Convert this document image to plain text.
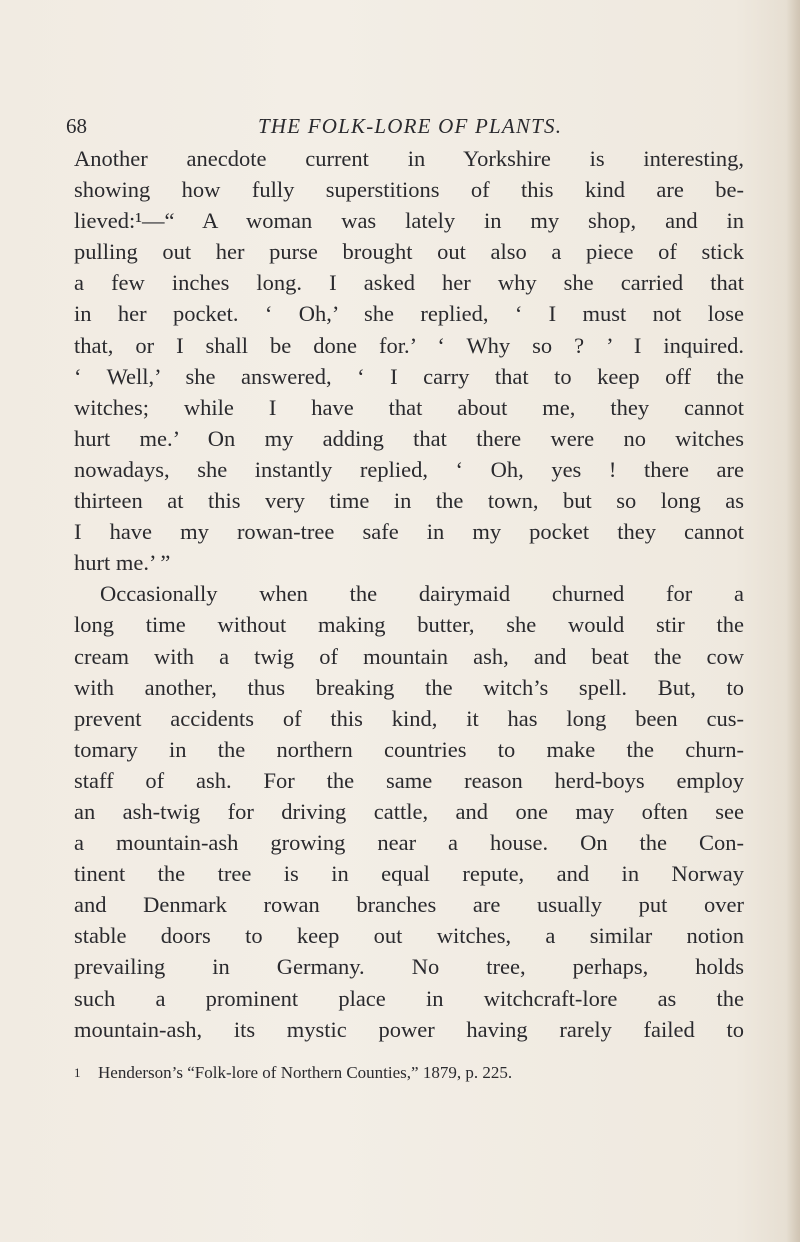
68	THE FOLK-LORE OF PLANTS.
Another anecdote current in Yorkshire is interesting,
showing how fully superstitions of this kind are be-
lieved:¹—“ A woman was lately in my shop, and in
pulling out her purse brought out also a piece of stick
a few inches long. I asked her why she carried that
in her pocket. ‘ Oh,’ she replied, ‘ I must not lose
that, or I shall be done for.’ ‘ Why so ? ’ I inquired.
‘ Well,’ she answered, ‘ I carry that to keep off the
witches; while I have that about me, they cannot
hurt me.’ On my adding that there were no witches
nowadays, she instantly replied, ‘ Oh, yes ! there are
thirteen at this very time in the town, but so long as
I have my rowan-tree safe in my pocket they cannot
hurt me.’ ”
Occasionally when the dairymaid churned for a
long time without making butter, she would stir the
cream with a twig of mountain ash, and beat the cow
with another, thus breaking the witch’s spell. But, to
prevent accidents of this kind, it has long been cus-
tomary in the northern countries to make the churn-
staff of ash. For the same reason herd-boys employ
an ash-twig for driving cattle, and one may often see
a mountain-ash growing near a house. On the Con-
tinent the tree is in equal repute, and in Norway
and Denmark rowan branches are usually put over
stable doors to keep out witches, a similar notion
prevailing in Germany. No tree, perhaps, holds
such a prominent place in witchcraft-lore as the
mountain-ash, its mystic power having rarely failed to
1 Henderson’s “Folk-lore of Northern Counties,” 1879, p. 225.
